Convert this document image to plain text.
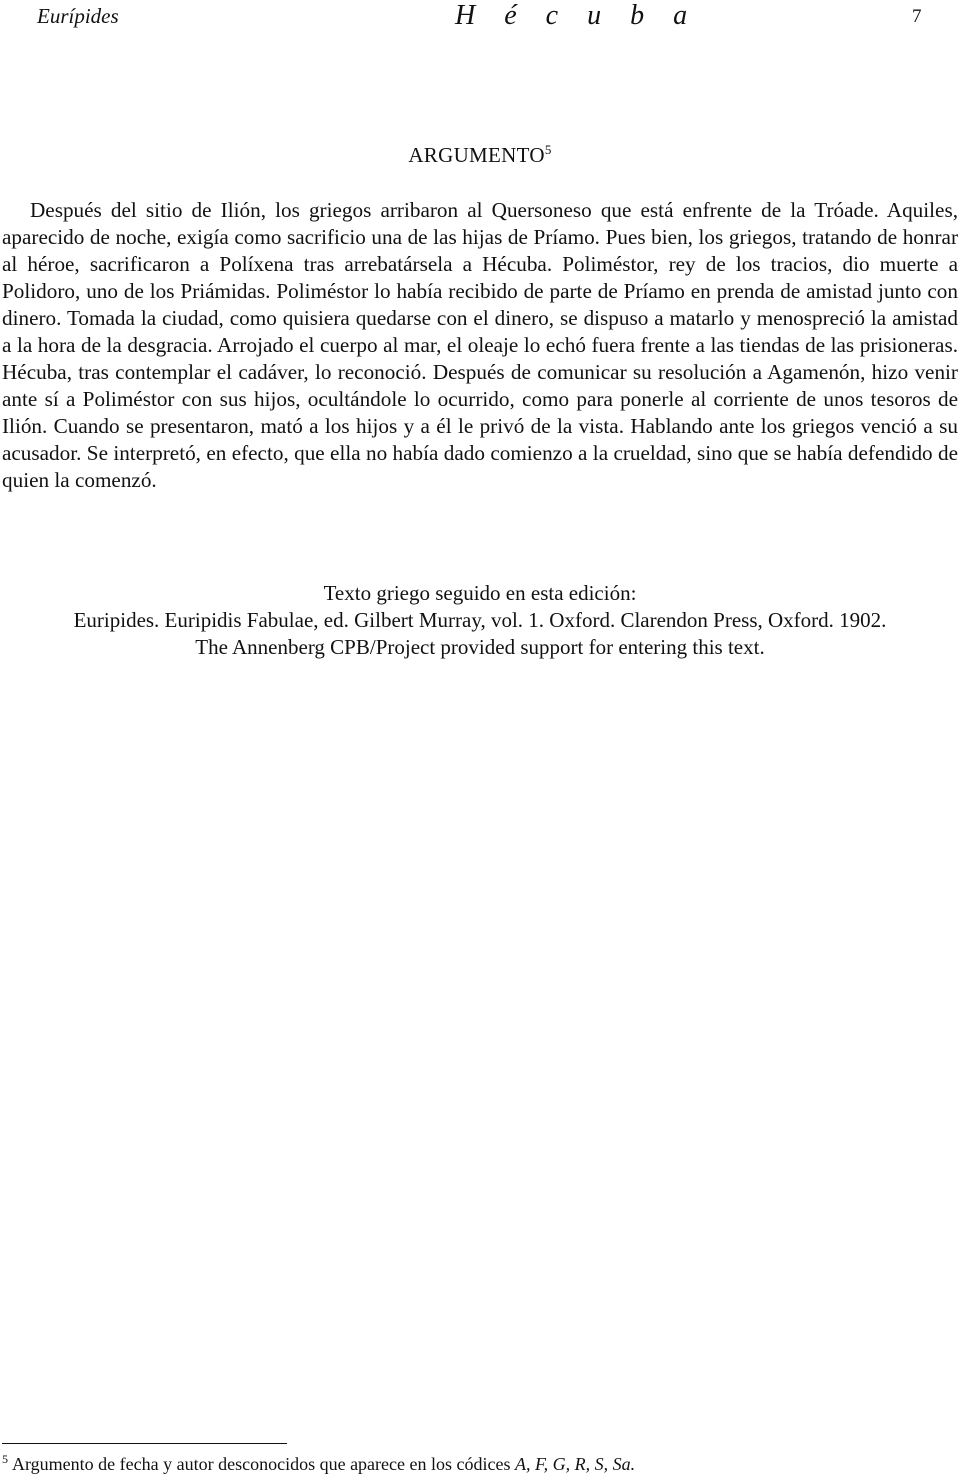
Eurípides	H é c u b a	7
ARGUMENTO$^5$

Después del sitio de Ilión, los griegos arribaron al Quersoneso que está enfrente de la Tróade. Aquiles, aparecido de noche, exigía como sacrificio una de las hijas de Príamo. Pues bien, los griegos, tratando de honrar al héroe, sacrificaron a Políxena tras arrebatársela a Hécuba. Poliméstor, rey de los tracios, dio muerte a Polidoro, uno de los Priámidas. Poliméstor lo había recibido de parte de Príamo en prenda de amistad junto con dinero. Tomada la ciudad, como quisiera quedarse con el dinero, se dispuso a matarlo y menospreció la amistad a la hora de la desgracia. Arrojado el cuerpo al mar, el oleaje lo echó fuera frente a las tiendas de las prisioneras. Hécuba, tras contemplar el cadáver, lo reconoció. Después de comunicar su resolución a Agamenón, hizo venir ante sí a Poliméstor con sus hijos, ocultándole lo ocurrido, como para ponerle al corriente de unos tesoros de Ilión. Cuando se presentaron, mató a los hijos y a él le privó de la vista. Hablando ante los griegos venció a su acusador. Se interpretó, en efecto, que ella no había dado comienzo a la crueldad, sino que se había defendido de quien la comenzó.

Texto griego seguido en esta edición:
Euripides. Euripidis Fabulae, ed. Gilbert Murray, vol. 1. Oxford. Clarendon Press, Oxford. 1902.
The Annenberg CPB/Project provided support for entering this text.
$^5$ Argumento de fecha y autor desconocidos que aparece en los códices A, F, G, R, S, Sa.
